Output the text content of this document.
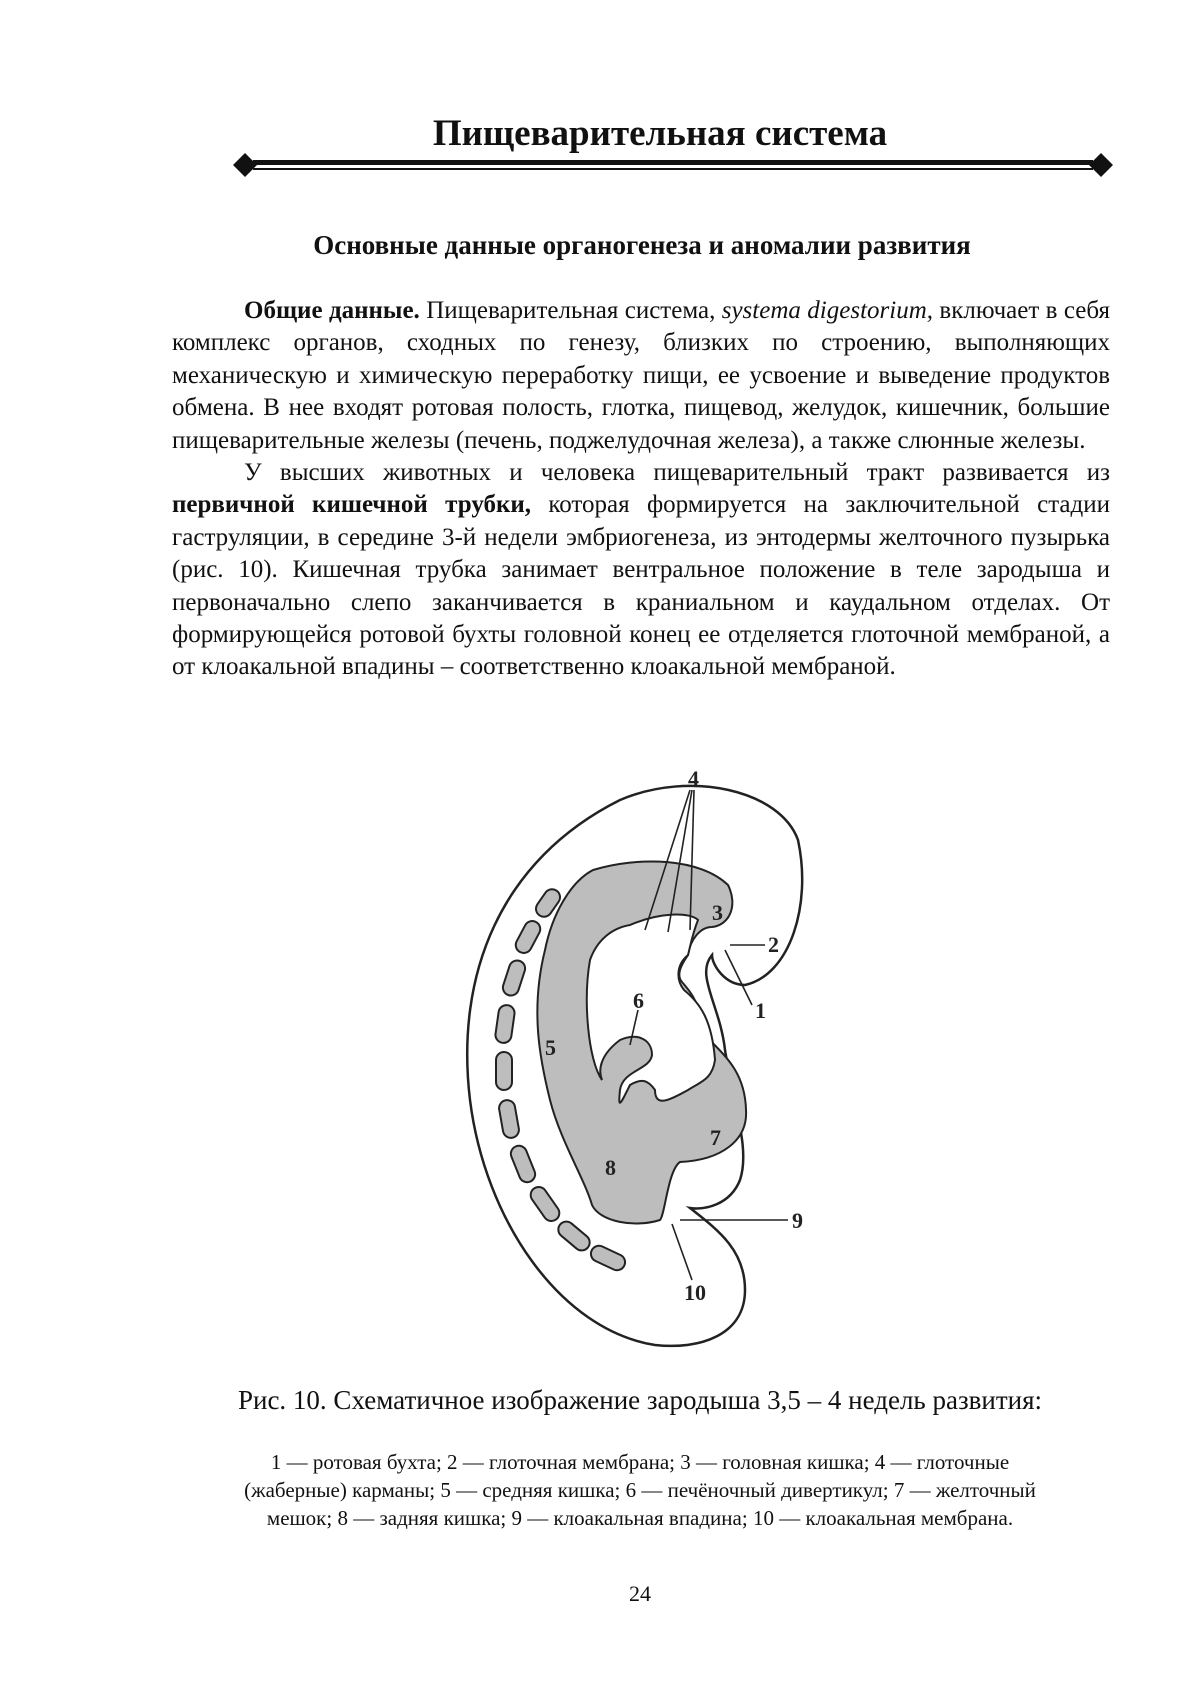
Пищеварительная система
Основные данные органогенеза и аномалии развития

Общие данные. Пищеварительная система, systema digestorium, включает в себя комплекс органов, сходных по генезу, близких по строению, выполняющих механическую и химическую переработку пищи, ее усвоение и выведение продуктов обмена. В нее входят ротовая полость, глотка, пищевод, желудок, кишечник, большие пищеварительные железы (печень, поджелудочная железа), а также слюнные железы.

У высших животных и человека пищеварительный тракт развивается из первичной кишечной трубки, которая формируется на заключительной стадии гаструляции, в середине 3-й недели эмбриогенеза, из энтодермы желточного пузырька (рис. 10). Кишечная трубка занимает вентральное положение в теле зародыша и первоначально слепо заканчивается в краниальном и каудальном отделах. От формирующейся ротовой бухты головной конец ее отделяется глоточной мембраной, а от клоакальной впадины – соответственно клоакальной мембраной.

1
2
3
4
5
6
7
8
9
10

Рис. 10. Схематичное изображение зародыша 3,5 – 4 недель развития:

1 — ротовая бухта; 2 — глоточная мембрана; 3 — головная кишка; 4 — глоточные (жаберные) карманы; 5 — средняя кишка; 6 — печёночный дивертикул; 7 — желточный мешок; 8 — задняя кишка; 9 — клоакальная впадина; 10 — клоакальная мембрана.

24
